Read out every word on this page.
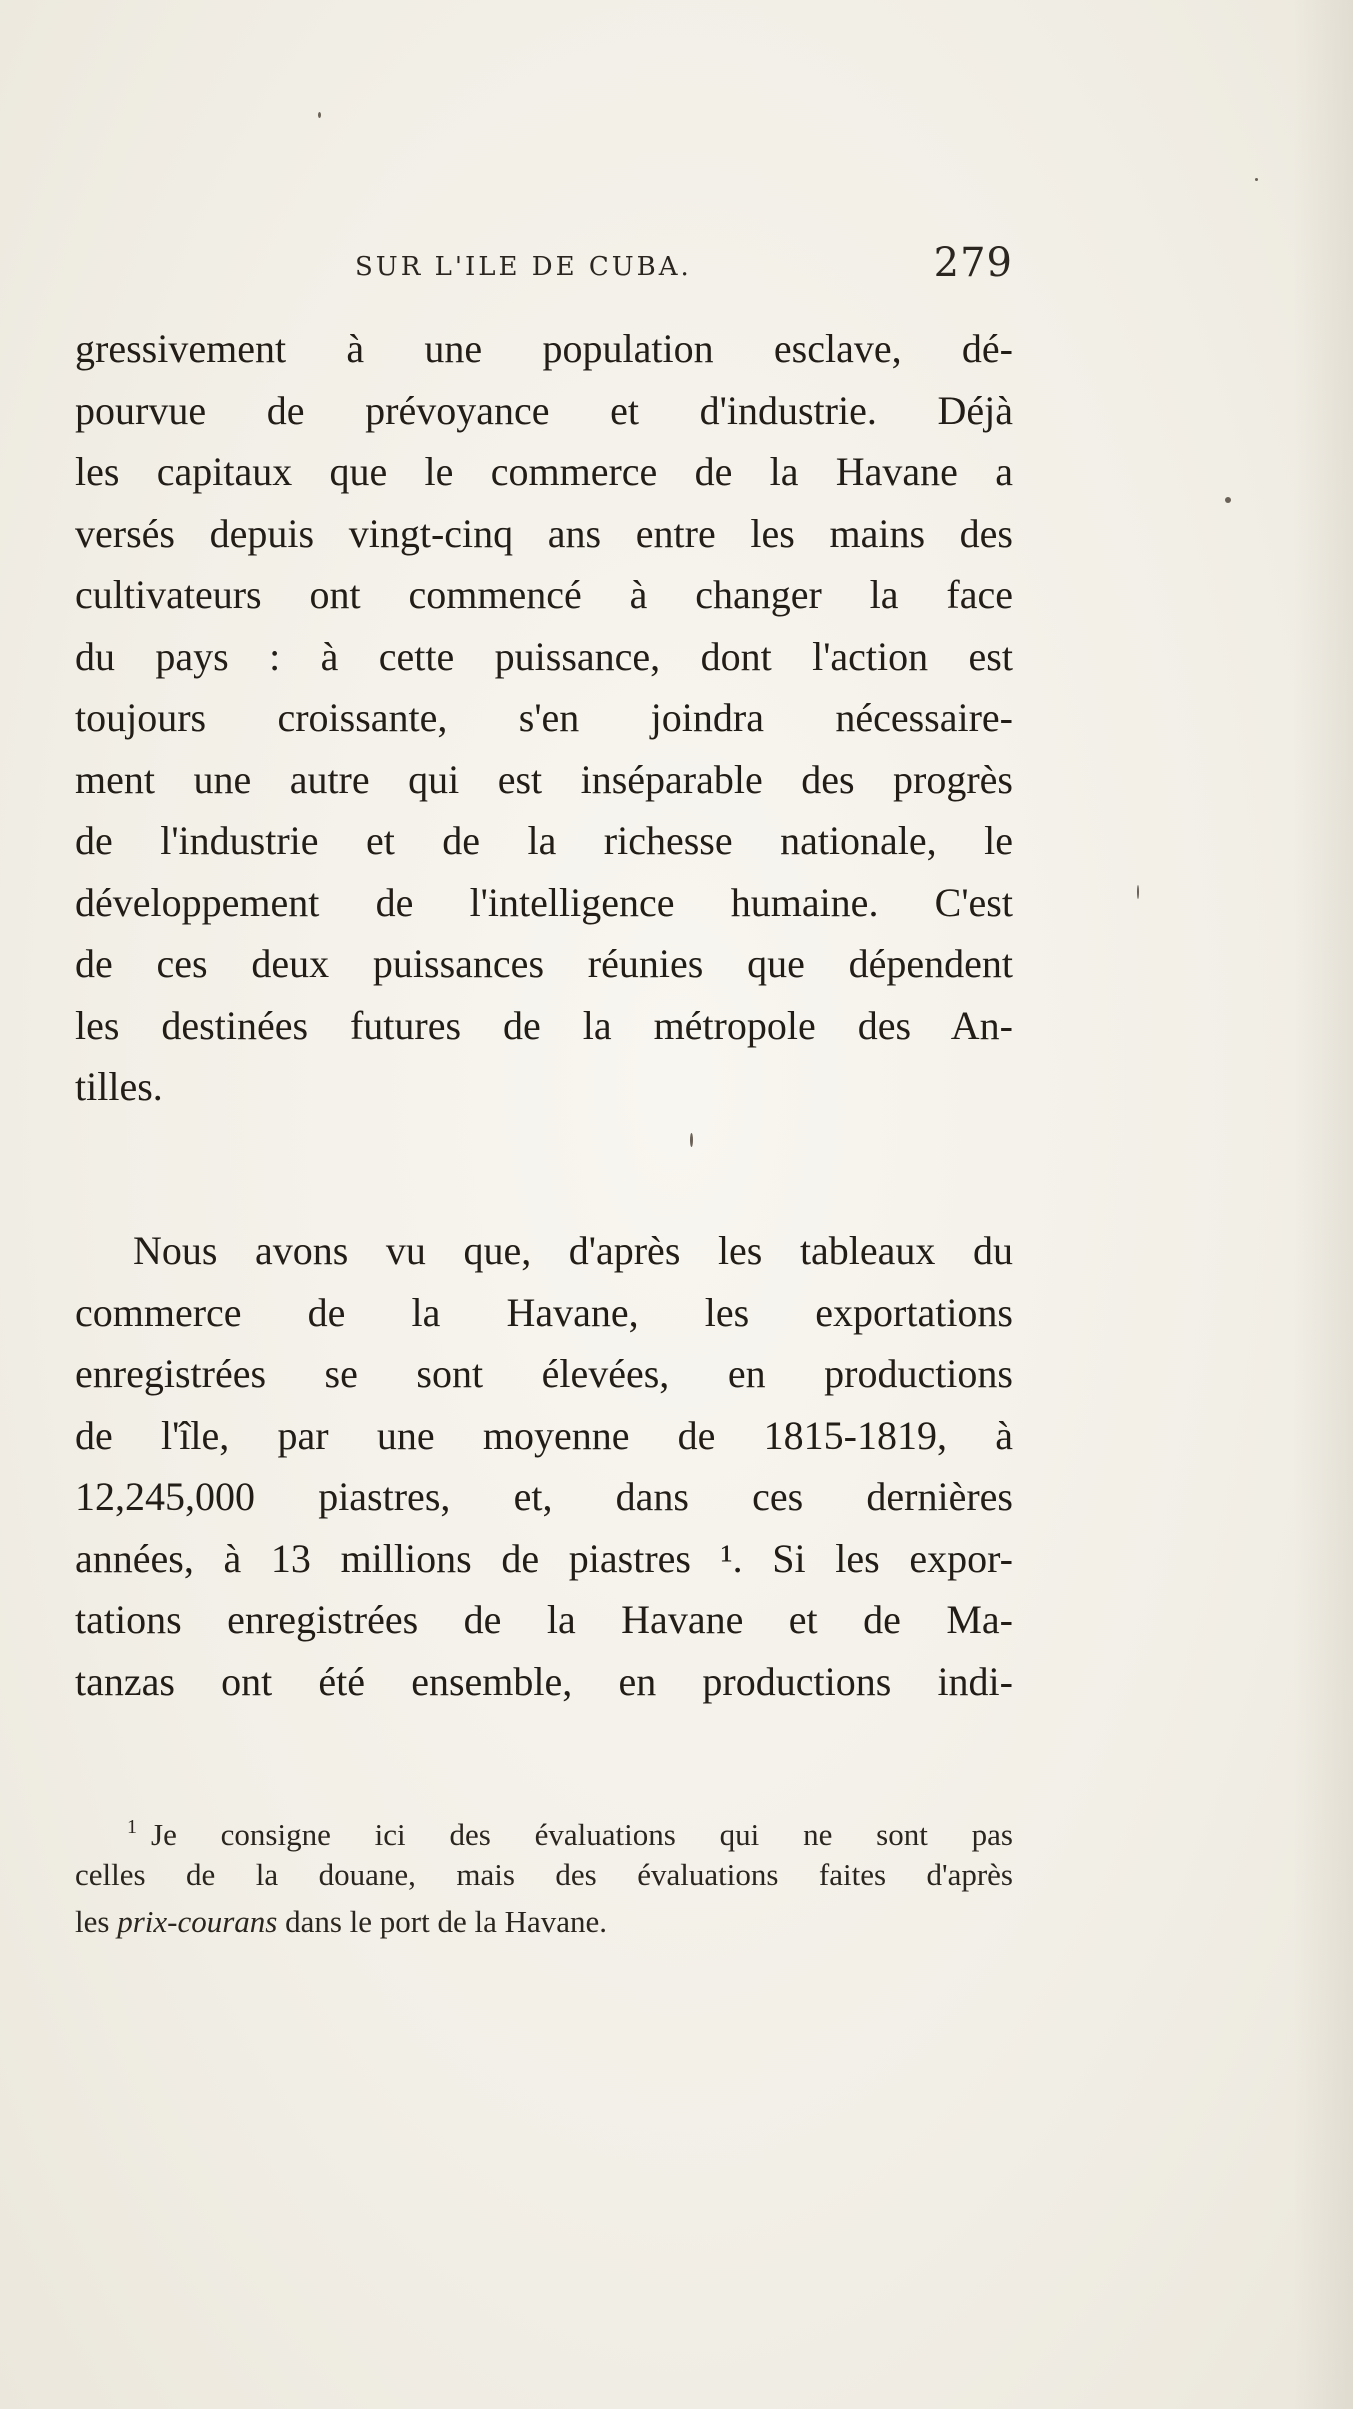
SUR L'ILE DE CUBA.	279
gressivement à une population esclave, dé-
pourvue de prévoyance et d'industrie. Déjà
les capitaux que le commerce de la Havane a
versés depuis vingt-cinq ans entre les mains des
cultivateurs ont commencé à changer la face
du pays : à cette puissance, dont l'action est
toujours croissante, s'en joindra nécessaire-
ment une autre qui est inséparable des progrès
de l'industrie et de la richesse nationale, le
développement de l'intelligence humaine. C'est
de ces deux puissances réunies que dépendent
les destinées futures de la métropole des An-
tilles.
Nous avons vu que, d'après les tableaux du
commerce de la Havane, les exportations
enregistrées se sont élevées, en productions
de l'île, par une moyenne de 1815-1819, à
12,245,000 piastres, et, dans ces dernières
années, à 13 millions de piastres ¹. Si les expor-
tations enregistrées de la Havane et de Ma-
tanzas ont été ensemble, en productions indi-
$^1$ Je consigne ici des évaluations qui ne sont pas
celles de la douane, mais des évaluations faites d'après
les prix-courans dans le port de la Havane.
